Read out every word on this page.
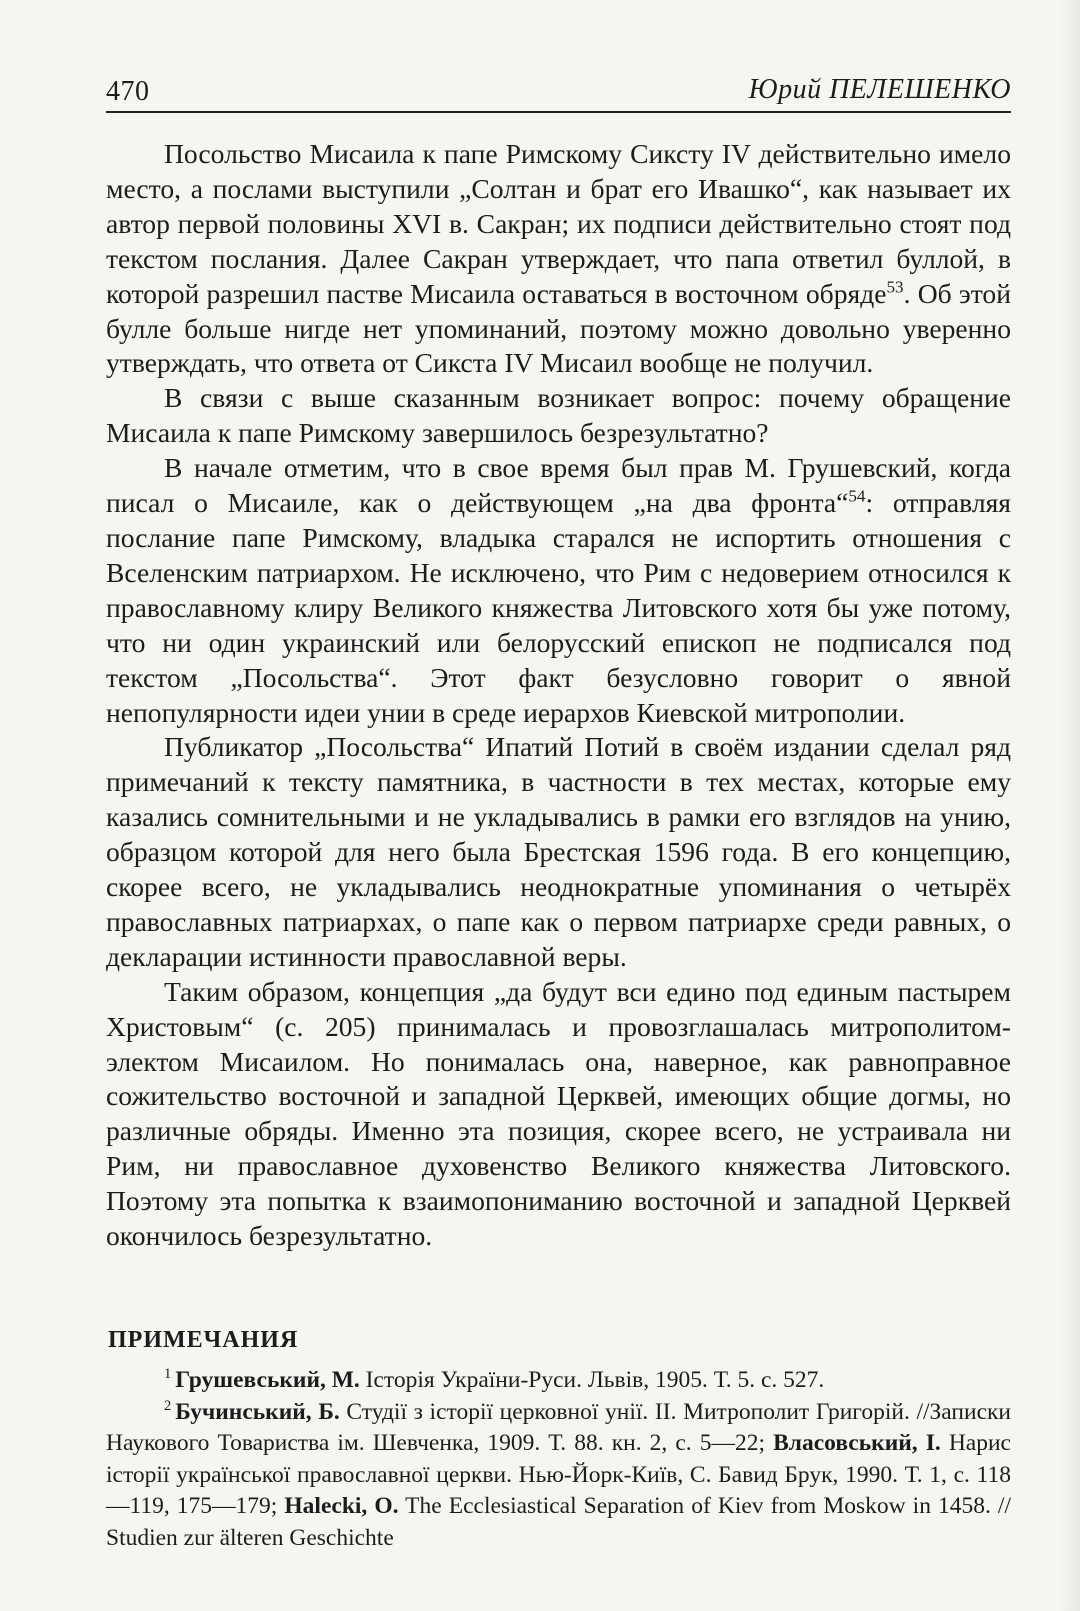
470	Юрий ПЕЛЕШЕНКО

Посольство Мисаила к папе Римскому Сиксту IV действительно имело место, а послами выступили „Солтан и брат его Ивашко“, как называет их автор первой половины XVI в. Сакран; их подписи действительно стоят под текстом послания. Далее Сакран утверждает, что папа ответил буллой, в которой разрешил пастве Мисаила оставаться в восточном обряде$^{53}$. Об этой булле больше нигде нет упоминаний, поэтому можно довольно уверенно утверждать, что ответа от Сикста IV Мисаил вообще не получил.

В связи с выше сказанным возникает вопрос: почему обращение Мисаила к папе Римскому завершилось безрезультатно?

В начале отметим, что в свое время был прав М. Грушевский, когда писал о Мисаиле, как о действующем „на два фронта“$^{54}$: отправляя послание папе Римскому, владыка старался не испортить отношения с Вселенским патриархом. Не исключено, что Рим с недоверием относился к православному клиру Великого княжества Литовского хотя бы уже потому, что ни один украинский или белорусский епископ не подписался под текстом „Посольства“. Этот факт безусловно говорит о явной непопулярности идеи унии в среде иерархов Киевской митрополии.

Публикатор „Посольства“ Ипатий Потий в своём издании сделал ряд примечаний к тексту памятника, в частности в тех местах, которые ему казались сомнительными и не укладывались в рамки его взглядов на унию, образцом которой для него была Брестская 1596 года. В его концепцию, скорее всего, не укладывались неоднократные упоминания о четырёх православных патриархах, о папе как о первом патриархе среди равных, о декларации истинности православной веры.

Таким образом, концепция „да будут вси едино под единым пастырем Христовым“ (с. 205) принималась и провозглашалась митрополитом-электом Мисаилом. Но понималась она, наверное, как равноправное сожительство восточной и западной Церквей, имеющих общие догмы, но различные обряды. Именно эта позиция, скорее всего, не устраивала ни Рим, ни православное духовенство Великого княжества Литовского. Поэтому эта попытка к взаимопониманию восточной и западной Церквей окончилось безрезультатно.

ПРИМЕЧАНИЯ

$^1$ Грушевський, М. Історія України-Руси. Львів, 1905. Т. 5. с. 527.

$^2$ Бучинський, Б. Студії з історії церковної унії. II. Митрополит Григорій. //Записки Наукового Товариства ім. Шевченка, 1909. Т. 88. кн. 2, с. 5—22; Власовський, І. Нарис історії української православної церкви. Нью-Йорк-Київ, С. Бавид Брук, 1990. Т. 1, с. 118—119, 175—179; Halecki, O. The Ecclesiastical Separation of Kiev from Moskow in 1458. // Studien zur älteren Geschichte
